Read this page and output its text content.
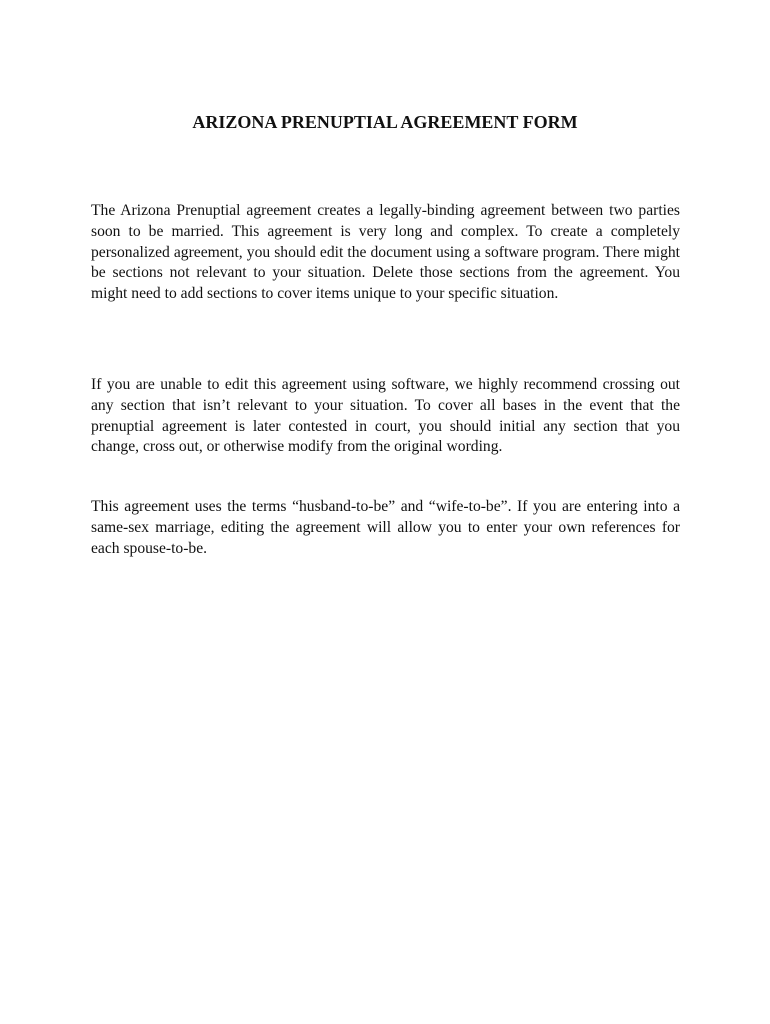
ARIZONA PRENUPTIAL AGREEMENT FORM

The Arizona Prenuptial agreement creates a legally-binding agreement between two parties soon to be married. This agreement is very long and complex. To create a completely personalized agreement, you should edit the document using a software program. There might be sections not relevant to your situation. Delete those sections from the agreement. You might need to add sections to cover items unique to your specific situation.

If you are unable to edit this agreement using software, we highly recommend crossing out any section that isn’t relevant to your situation. To cover all bases in the event that the prenuptial agreement is later contested in court, you should initial any section that you change, cross out, or otherwise modify from the original wording.

This agreement uses the terms “husband-to-be” and “wife-to-be”. If you are entering into a same-sex marriage, editing the agreement will allow you to enter your own references for each spouse-to-be.
